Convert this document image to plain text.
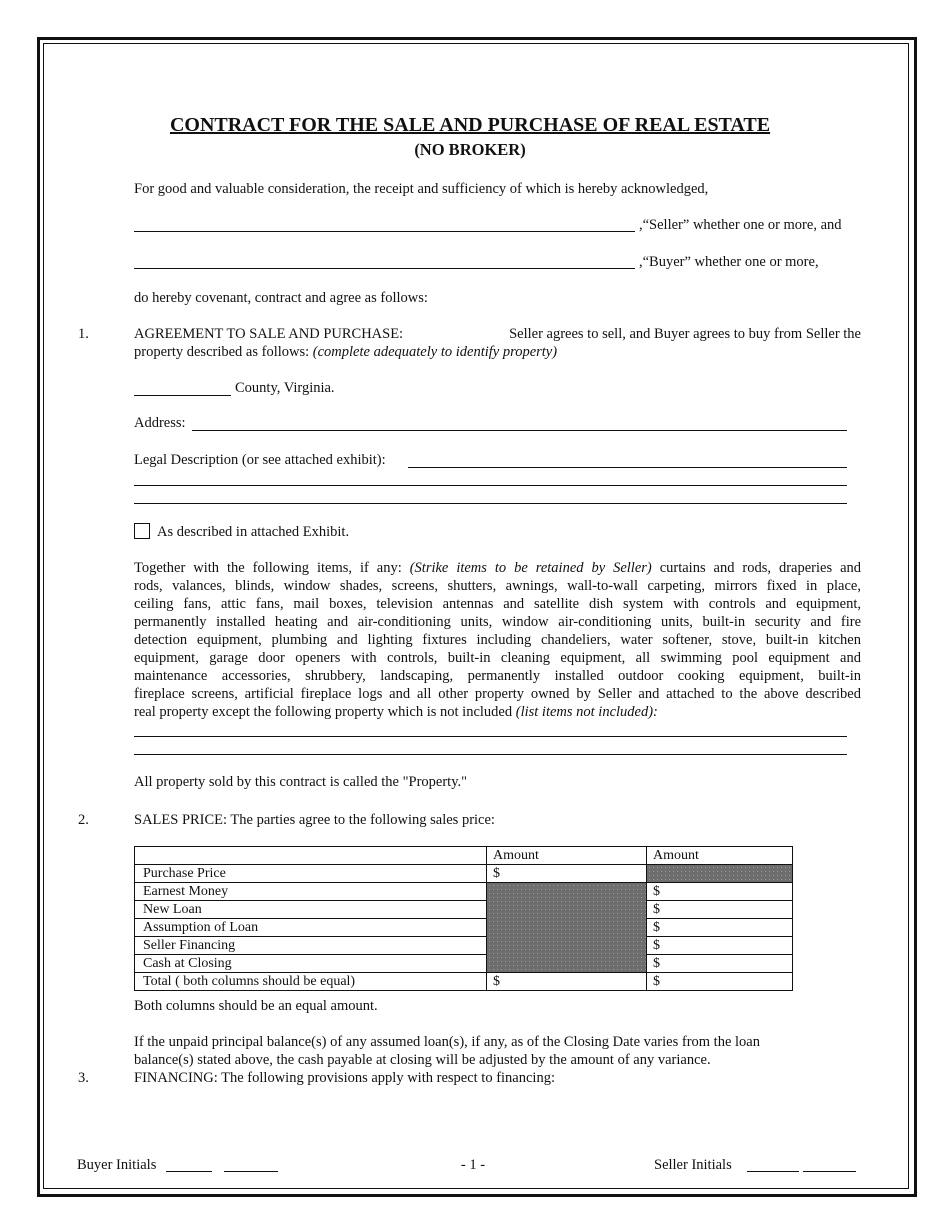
CONTRACT FOR THE SALE AND PURCHASE OF REAL ESTATE
(NO BROKER)
For good and valuable consideration, the receipt and sufficiency of which is hereby acknowledged,
,“Seller” whether one or more, and
,“Buyer” whether one or more,
do hereby covenant, contract and agree as follows:
1.	AGREEMENT TO SALE AND PURCHASE:	Seller agrees to sell, and Buyer agrees to buy from Seller the
property described as follows: (complete adequately to identify property)
County, Virginia.
Address:
Legal Description (or see attached exhibit):
As described in attached Exhibit.
Together with the following items, if any: (Strike items to be retained by Seller) curtains and rods, draperies and
rods, valances, blinds, window shades, screens, shutters, awnings, wall-to-wall carpeting, mirrors fixed in place,
ceiling fans, attic fans, mail boxes, television antennas and satellite dish system with controls and equipment,
permanently installed heating and air-conditioning units, window air-conditioning units, built-in security and fire
detection equipment, plumbing and lighting fixtures including chandeliers, water softener, stove, built-in kitchen
equipment, garage door openers with controls, built-in cleaning equipment, all swimming pool equipment and
maintenance accessories, shrubbery, landscaping, permanently installed outdoor cooking equipment, built-in
fireplace screens, artificial fireplace logs and all other property owned by Seller and attached to the above described
real property except the following property which is not included (list items not included):
All property sold by this contract is called the "Property."
2.	SALES PRICE: The parties agree to the following sales price:
	Amount	Amount
Purchase Price	$	
Earnest Money		$
New Loan		$
Assumption of Loan		$
Seller Financing		$
Cash at Closing		$
Total ( both columns should be equal)	$	$
Both columns should be an equal amount.
If the unpaid principal balance(s) of any assumed loan(s), if any, as of the Closing Date varies from the loan
balance(s) stated above, the cash payable at closing will be adjusted by the amount of any variance.
3.	FINANCING: The following provisions apply with respect to financing:
Buyer Initials	- 1 -	Seller Initials
